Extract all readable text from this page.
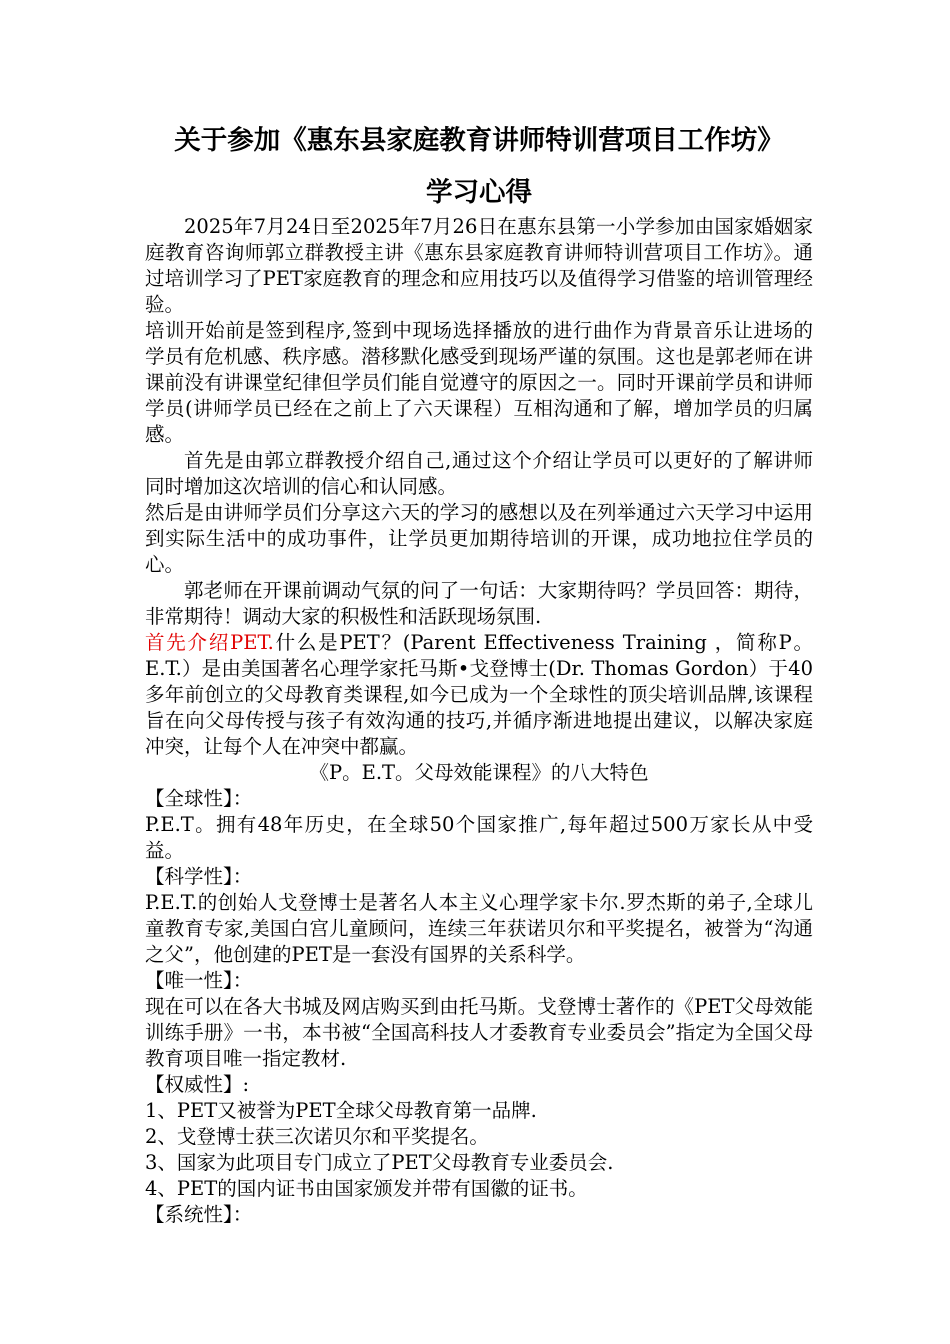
关于参加《惠东县家庭教育讲师特训营项目工作坊》
学习心得

2025年7月24日至2025年7月26日在惠东县第一小学参加由国家婚姻家庭教育咨询师郭立群教授主讲《惠东县家庭教育讲师特训营项目工作坊》。通过培训学习了PET家庭教育的理念和应用技巧以及值得学习借鉴的培训管理经验。

培训开始前是签到程序,签到中现场选择播放的进行曲作为背景音乐让进场的学员有危机感、秩序感。潜移默化感受到现场严谨的氛围。这也是郭老师在讲课前没有讲课堂纪律但学员们能自觉遵守的原因之一。同时开课前学员和讲师学员(讲师学员已经在之前上了六天课程）互相沟通和了解，增加学员的归属感。

首先是由郭立群教授介绍自己,通过这个介绍让学员可以更好的了解讲师同时增加这次培训的信心和认同感。

然后是由讲师学员们分享这六天的学习的感想以及在列举通过六天学习中运用到实际生活中的成功事件，让学员更加期待培训的开课，成功地拉住学员的心。

郭老师在开课前调动气氛的问了一句话：大家期待吗？学员回答：期待，非常期待！调动大家的积极性和活跃现场氛围.

首先介绍PET.什么是PET？(Parent Effectiveness Training ，简称P。E.T.）是由美国著名心理学家托马斯•戈登博士(Dr. Thomas Gordon）于40多年前创立的父母教育类课程,如今已成为一个全球性的顶尖培训品牌,该课程旨在向父母传授与孩子有效沟通的技巧,并循序渐进地提出建议，以解决家庭冲突，让每个人在冲突中都赢。

《P。E.T。父母效能课程》的八大特色

【全球性】：

P.E.T。拥有48年历史，在全球50个国家推广,每年超过500万家长从中受益。

【科学性】：

P.E.T.的创始人戈登博士是著名人本主义心理学家卡尔.罗杰斯的弟子,全球儿童教育专家,美国白宫儿童顾问，连续三年获诺贝尔和平奖提名，被誉为“沟通之父”，他创建的PET是一套没有国界的关系科学。

【唯一性】：

现在可以在各大书城及网店购买到由托马斯。戈登博士著作的《PET父母效能训练手册》一书，本书被“全国高科技人才委教育专业委员会”指定为全国父母教育项目唯一指定教材.

【权威性】:

1、PET又被誉为PET全球父母教育第一品牌.

2、戈登博士获三次诺贝尔和平奖提名。

3、国家为此项目专门成立了PET父母教育专业委员会.

4、PET的国内证书由国家颁发并带有国徽的证书。

【系统性】：
